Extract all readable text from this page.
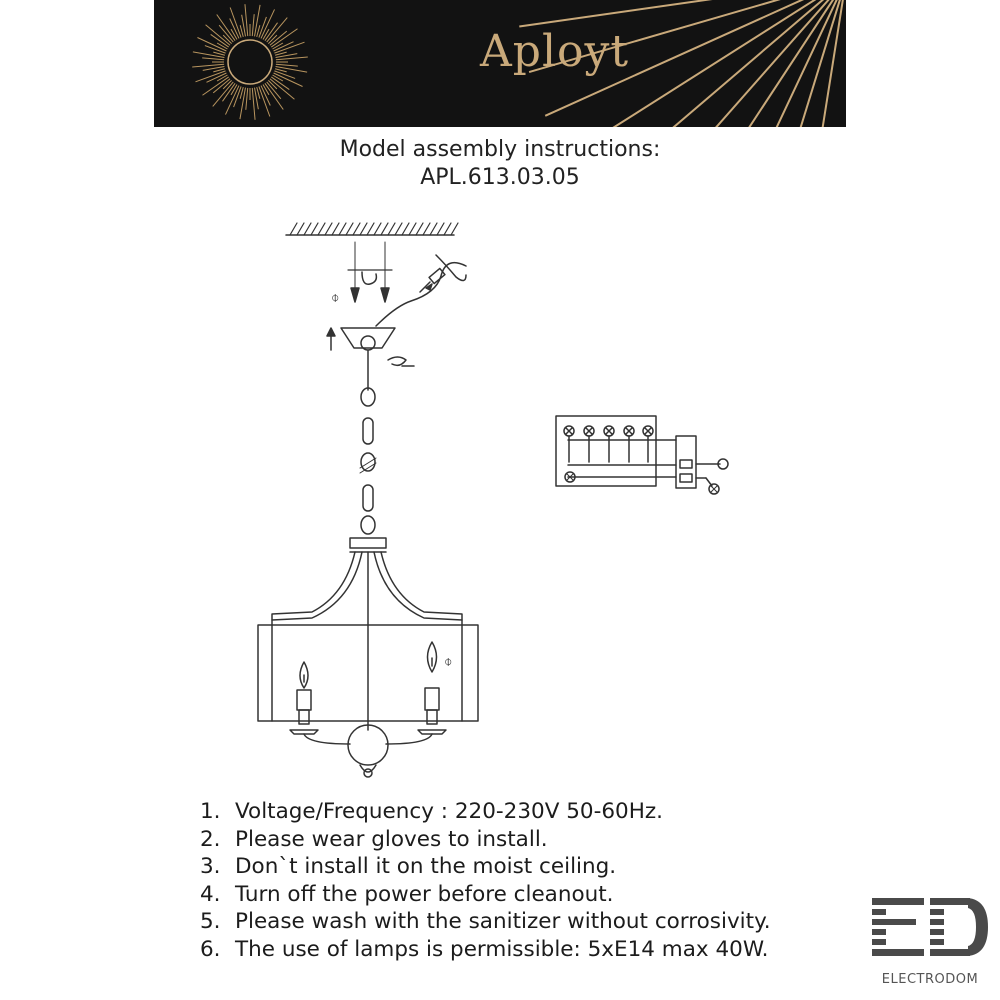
Aployt
Model assembly instructions:
APL.613.03.05
⌽
⌽
1. Voltage/Frequency : 220-230V 50-60Hz.
2. Please wear gloves to install.
3. Don`t install it on the moist ceiling.
4. Turn off the power before cleanout.
5. Please wash with the sanitizer without corrosivity.
6. The use of lamps is permissible: 5xE14 max 40W.
ELECTRODOM
